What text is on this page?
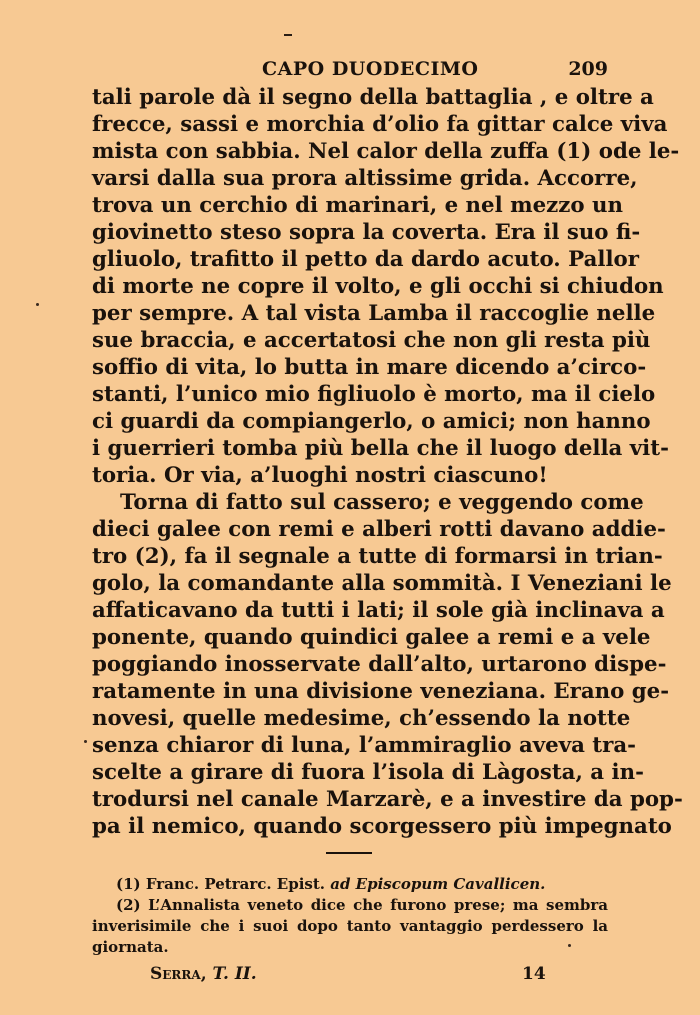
CAPO DUODECIMO	209
tali parole dà il segno della battaglia , e oltre a
frecce, sassi e morchia d’olio fa gittar calce viva
mista con sabbia. Nel calor della zuffa (1) ode le-
varsi dalla sua prora altissime grida. Accorre,
trova un cerchio di marinari, e nel mezzo un
giovinetto steso sopra la coverta. Era il suo fi-
gliuolo, trafitto il petto da dardo acuto. Pallor
di morte ne copre il volto, e gli occhi si chiudon
per sempre. A tal vista Lamba il raccoglie nelle
sue braccia, e accertatosi che non gli resta più
soffio di vita, lo butta in mare dicendo a’circo-
stanti, l’unico mio figliuolo è morto, ma il cielo
ci guardi da compiangerlo, o amici; non hanno
i guerrieri tomba più bella che il luogo della vit-
toria. Or via, a’luoghi nostri ciascuno!
Torna di fatto sul cassero; e veggendo come
dieci galee con remi e alberi rotti davano addie-
tro (2), fa il segnale a tutte di formarsi in trian-
golo, la comandante alla sommità. I Veneziani le
affaticavano da tutti i lati; il sole già inclinava a
ponente, quando quindici galee a remi e a vele
poggiando inosservate dall’alto, urtarono dispe-
ratamente in una divisione veneziana. Erano ge-
novesi, quelle medesime, ch’essendo la notte
senza chiaror di luna, l’ammiraglio aveva tra-
scelte a girare di fuora l’isola di Làgosta, a in-
trodursi nel canale Marzarè, e a investire da pop-
pa il nemico, quando scorgessero più impegnato
(1) Franc. Petrarc. Epist. ad Episcopum Cavallicen.
(2) L’Annalista veneto dice che furono prese; ma sembra
inverisimile che i suoi dopo tanto vantaggio perdessero la
giornata.
Serra, T. II.	14
